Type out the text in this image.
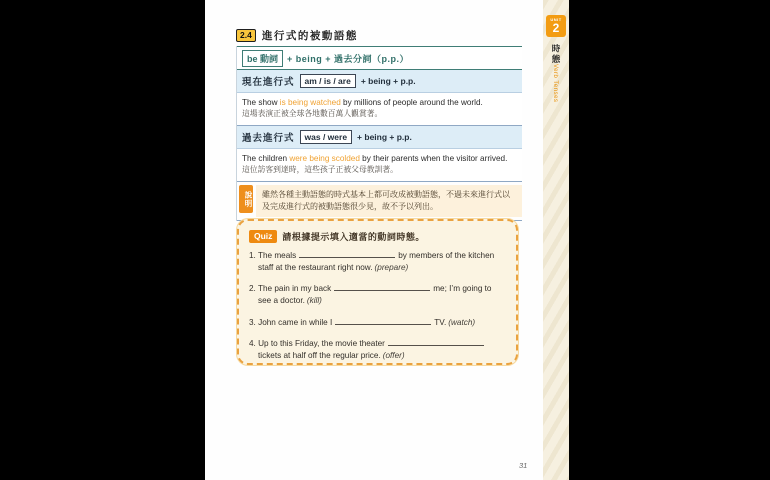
2.4 進行式的被動語態
be 動詞	+ being + 過去分詞（p.p.）
現在進行式	am / is / are	+ being + p.p.

The show is being watched by millions of people around the world.

這場表演正被全球各地數百萬人觀賞著。

過去進行式	was / were	+ being + p.p.

The children were being scolded by their parents when the visitor arrived.

這位訪客到達時，這些孩子正被父母教訓著。

說明	雖然各種主動語態的時式基本上都可改成被動語態，不過未來進行式以及完成進行式的被動語態很少見，故不予以列出。
Quiz	請根據提示填入適當的動詞時態。

1. The meals	by members of the kitchen staff at the restaurant right now. (prepare)

2. The pain in my back	me; I’m going to see a doctor. (kill)

3. John came in while I	TV. (watch)

4. Up to this Friday, the movie theatertickets at half off the regular price. (offer)

31
UNIT
2
時態
Verb Tenses
